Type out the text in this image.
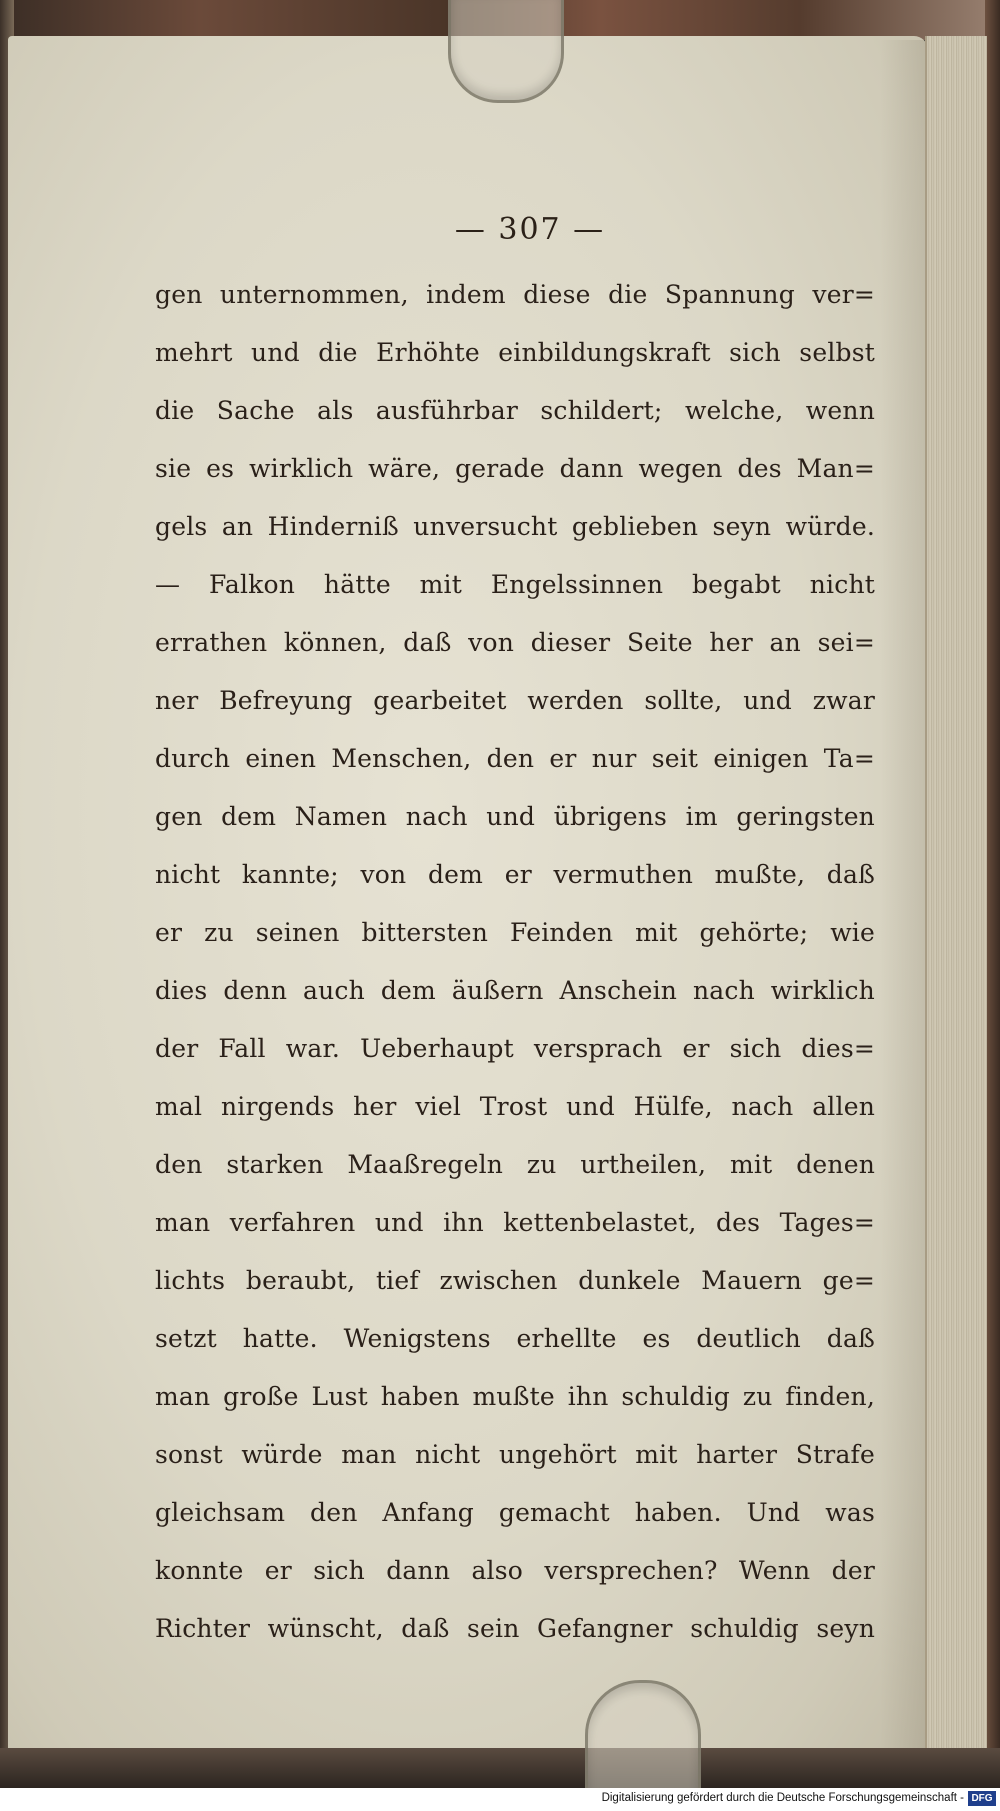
— 307 —
gen unternommen, indem diese die Spannung ver=
mehrt und die Erhöhte einbildungskraft sich selbst
die Sache als ausführbar schildert; welche, wenn
sie es wirklich wäre, gerade dann wegen des Man=
gels an Hinderniß unversucht geblieben seyn würde.
— Falkon hätte mit Engelssinnen begabt nicht
errathen können, daß von dieser Seite her an sei=
ner Befreyung gearbeitet werden sollte, und zwar
durch einen Menschen, den er nur seit einigen Ta=
gen dem Namen nach und übrigens im geringsten
nicht kannte; von dem er vermuthen mußte, daß
er zu seinen bittersten Feinden mit gehörte; wie
dies denn auch dem äußern Anschein nach wirklich
der Fall war. Ueberhaupt versprach er sich dies=
mal nirgends her viel Trost und Hülfe, nach allen
den starken Maaßregeln zu urtheilen, mit denen
man verfahren und ihn kettenbelastet, des Tages=
lichts beraubt, tief zwischen dunkele Mauern ge=
setzt hatte. Wenigstens erhellte es deutlich daß
man große Lust haben mußte ihn schuldig zu finden,
sonst würde man nicht ungehört mit harter Strafe
gleichsam den Anfang gemacht haben. Und was
konnte er sich dann also versprechen? Wenn der
Richter wünscht, daß sein Gefangner schuldig seyn
Digitalisierung gefördert durch die Deutsche Forschungsgemeinschaft - DFG
